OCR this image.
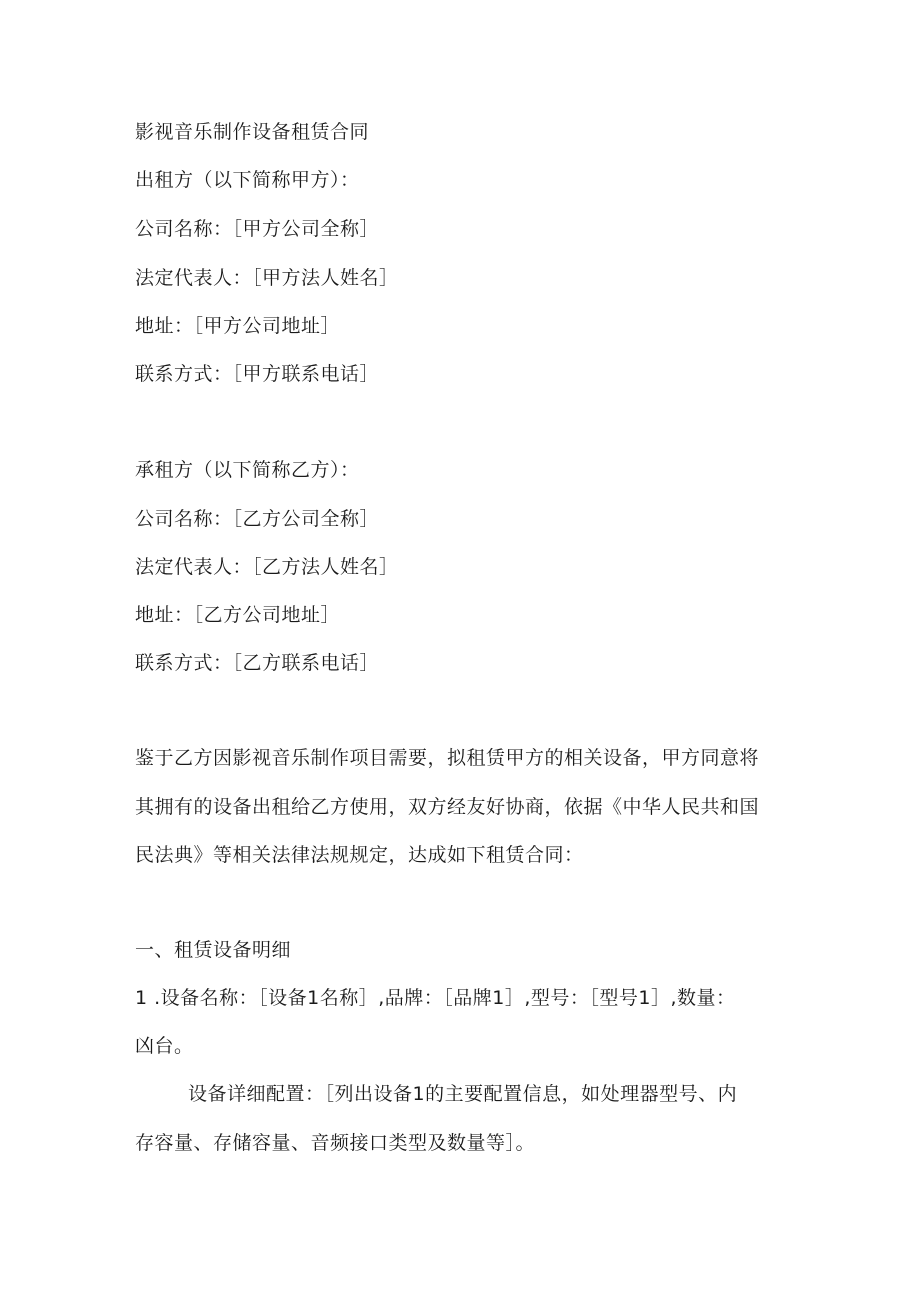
影视音乐制作设备租赁合同
出租方（以下简称甲方）：
公司名称：［甲方公司全称］
法定代表人：［甲方法人姓名］
地址：［甲方公司地址］
联系方式：［甲方联系电话］
承租方（以下简称乙方）：
公司名称：［乙方公司全称］
法定代表人：［乙方法人姓名］
地址：［乙方公司地址］
联系方式：［乙方联系电话］
鉴于乙方因影视音乐制作项目需要，拟租赁甲方的相关设备，甲方同意将
其拥有的设备出租给乙方使用，双方经友好协商，依据《中华人民共和国
民法典》等相关法律法规规定，达成如下租赁合同：
一、租赁设备明细
1 .设备名称：［设备1名称］,品牌：［品牌1］,型号：［型号1］,数量：
凶台。
设备详细配置：［列出设备1的主要配置信息，如处理器型号、内
存容量、存储容量、音频接口类型及数量等］。
